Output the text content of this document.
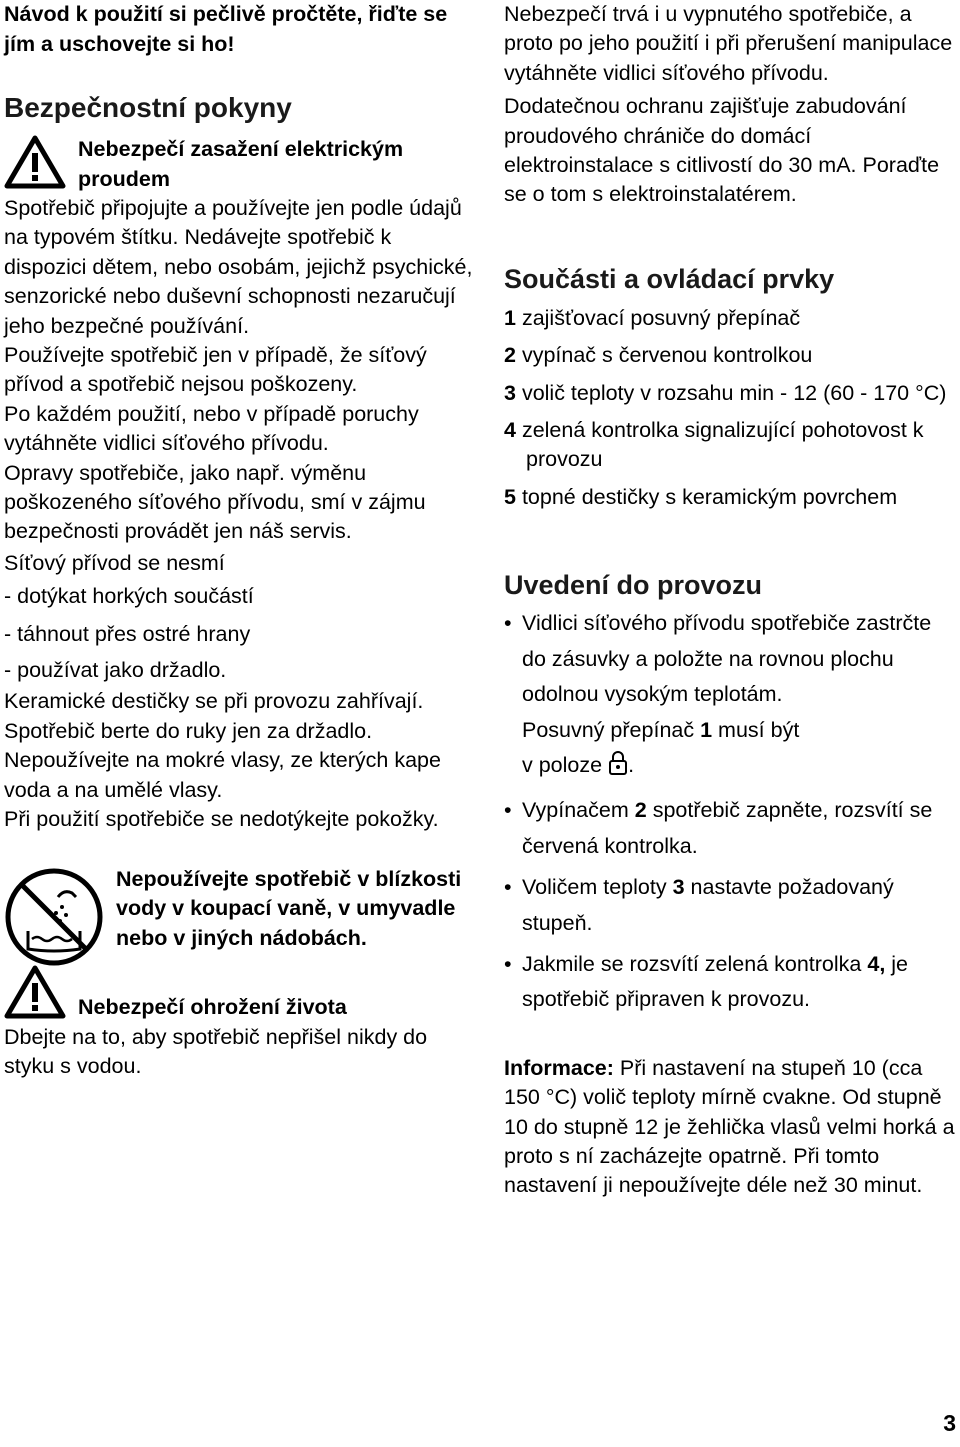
Návod k použití si pečlivě pročtěte, řiďte se jím a uschovejte si ho!

Bezpečnostní pokyny
Nebezpečí zasažení elektrickým proudem

Spotřebič připojujte a používejte jen podle údajů na typovém štítku. Nedávejte spotřebič k dispozici dětem, nebo osobám, jejichž psychické, senzorické nebo duševní schopnosti nezaručují jeho bezpečné používání.

Používejte spotřebič jen v případě, že síťový přívod a spotřebič nejsou poškozeny.

Po každém použití, nebo v případě poruchy vytáhněte vidlici síťového přívodu.

Opravy spotřebiče, jako např. výměnu poškozeného síťového přívodu, smí v zájmu bezpečnosti provádět jen náš servis.

Síťový přívod se nesmí

- dotýkat horkých součástí

- táhnout přes ostré hrany

- používat jako držadlo.

Keramické destičky se při provozu zahřívají. Spotřebič berte do ruky jen za držadlo.

Nepoužívejte na mokré vlasy, ze kterých kape voda a na umělé vlasy.

Při použití spotřebiče se nedotýkejte pokožky.

Nepoužívejte spotřebič v blízkosti vody v koupací vaně, v umyvadle nebo v jiných nádobách.
Nebezpečí ohrožení života

Dbejte na to, aby spotřebič nepřišel nikdy do styku s vodou.

Nebezpečí trvá i u vypnutého spotřebiče, a proto po jeho použití i při přerušení manipulace vytáhněte vidlici síťového přívodu.

Dodatečnou ochranu zajišťuje zabudování proudového chrániče do domácí elektroinstalace s citlivostí do 30 mA. Poraďte se o tom s elektroinstalatérem.

Součásti a ovládací prvky

1 zajišťovací posuvný přepínač

2 vypínač s červenou kontrolkou

3 volič teploty v rozsahu min - 12 (60 - 170 °C)

4 zelená kontrolka signalizující pohotovost k provozu

5 topné destičky s keramickým povrchem

Uvedení do provozu
• Vidlici síťového přívodu spotřebiče zastrčte do zásuvky a položte na rovnou plochu odolnou vysokým teplotám.
Posuvný přepínač 1 musí být
v poloze .
• Vypínačem 2 spotřebič zapněte, rozsvítí se červená kontrolka.
• Voličem teploty 3 nastavte požadovaný stupeň.
• Jakmile se rozsvítí zelená kontrolka 4, je spotřebič připraven k provozu.

Informace: Při nastavení na stupeň 10 (cca 150 °C) volič teploty mírně cvakne. Od stupně 10 do stupně 12 je žehlička vlasů velmi horká a proto s ní zacházejte opatrně. Při tomto nastavení ji nepoužívejte déle než 30 minut.

3
